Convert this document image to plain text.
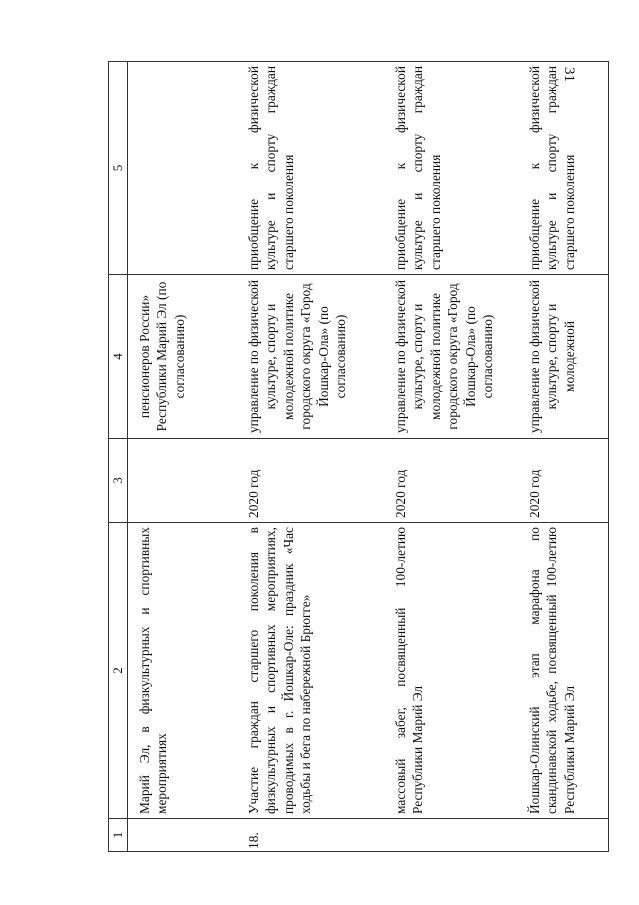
31
1	2	3	4	5
	Марий Эл, в физкультурных и спортивных мероприятиях		пенсионеров России» Республики Марий Эл (по согласованию)	
18.	Участие граждан старшего поколения в физкультурных и спортивных мероприятиях, проводимых в г. Йошкар-Оле: праздник «Час ходьбы и бега по набережной Брюгге»	2020 год	управление по физической культуре, спорту и молодежной политике городского округа «Город Йошкар-Ола» (по согласованию)	приобщение к физической культуре и спорту граждан старшего поколения
	массовый забег, посвященный 100-летию Республики Марий Эл	2020 год	управление по физической культуре, спорту и молодежной политике городского округа «Город Йошкар-Ола» (по согласованию)	приобщение к физической культуре и спорту граждан старшего поколения
	Йошкар-Олинский этап марафона по скандинавской ходьбе, посвященный 100-летию Республики Марий Эл	2020 год	управление по физической культуре, спорту и молодежной	приобщение к физической культуре и спорту граждан старшего поколения
